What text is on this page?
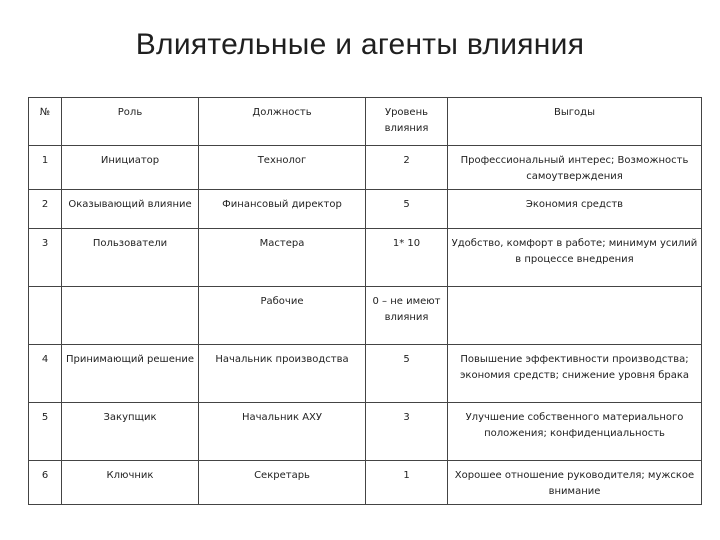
Влиятельные и агенты влияния
№	Роль	Должность	Уровень влияния	Выгоды
1	Инициатор	Технолог	2	Профессиональный интерес; Возможность самоутверждения
2	Оказывающий влияние	Финансовый директор	5	Экономия средств
3	Пользователи	Мастера	1* 10	Удобство, комфорт в работе; минимум усилий в процессе внедрения
		Рабочие	0 – не имеют влияния	
4	Принимающий решение	Начальник производства	5	Повышение эффективности производства; экономия средств; снижение уровня брака
5	Закупщик	Начальник АХУ	3	Улучшение собственного материального положения; конфиденциальность
6	Ключник	Секретарь	1	Хорошее отношение руководителя; мужское внимание
